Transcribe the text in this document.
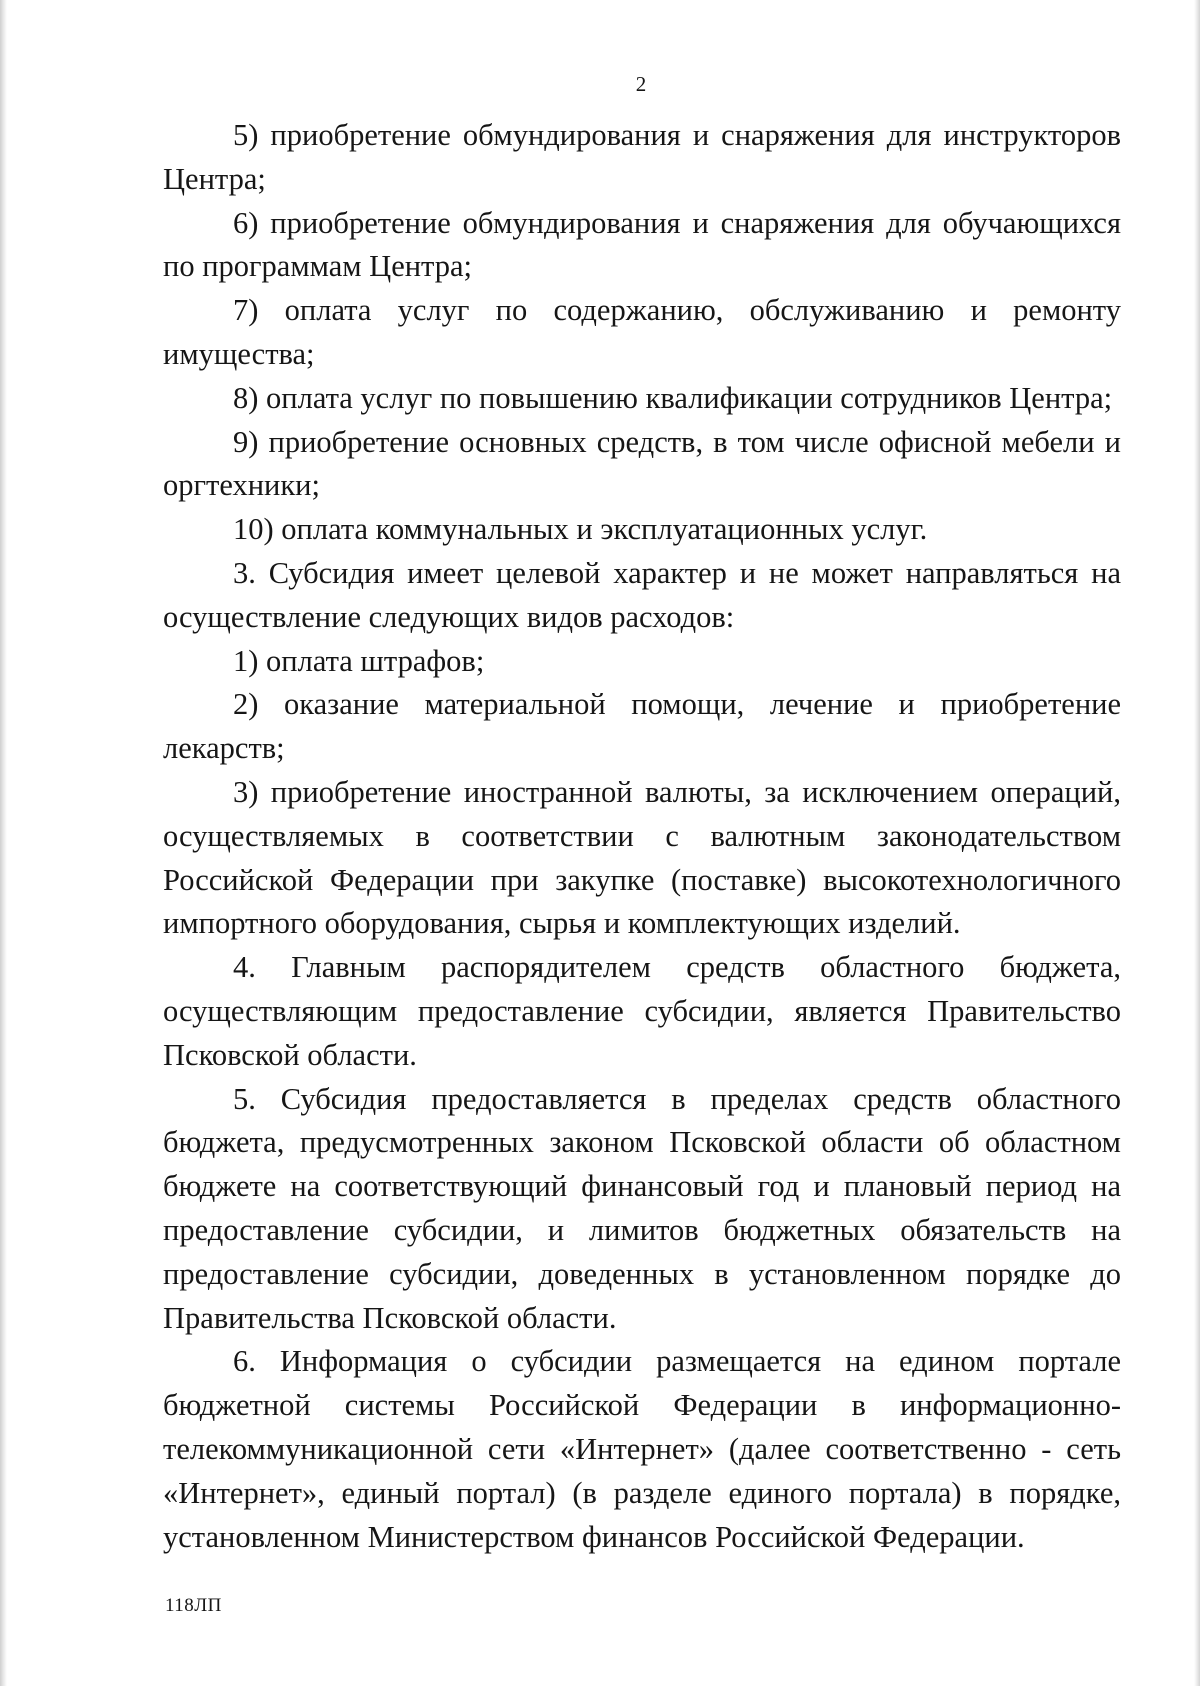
2

5) приобретение обмундирования и снаряжения для инструкторов Центра;

6) приобретение обмундирования и снаряжения для обучающихся по программам Центра;

7) оплата услуг по содержанию, обслуживанию и ремонту имущества;

8) оплата услуг по повышению квалификации сотрудников Центра;

9) приобретение основных средств, в том числе офисной мебели и оргтехники;

10) оплата коммунальных и эксплуатационных услуг.

3. Субсидия имеет целевой характер и не может направляться на осуществление следующих видов расходов:

1) оплата штрафов;

2) оказание материальной помощи, лечение и приобретение лекарств;

3) приобретение иностранной валюты, за исключением операций, осуществляемых в соответствии с валютным законодательством Российской Федерации при закупке (поставке) высокотехнологичного импортного оборудования, сырья и комплектующих изделий.

4. Главным распорядителем средств областного бюджета, осуществляющим предоставление субсидии, является Правительство Псковской области.

5. Субсидия предоставляется в пределах средств областного бюджета, предусмотренных законом Псковской области об областном бюджете на соответствующий финансовый год и плановый период на предоставление субсидии, и лимитов бюджетных обязательств на предоставление субсидии, доведенных в установленном порядке до Правительства Псковской области.

6. Информация о субсидии размещается на едином портале бюджетной системы Российской Федерации в информационно-телекоммуникационной сети «Интернет» (далее соответственно - сеть «Интернет», единый портал) (в разделе единого портала) в порядке, установленном Министерством финансов Российской Федерации.

118ЛП
